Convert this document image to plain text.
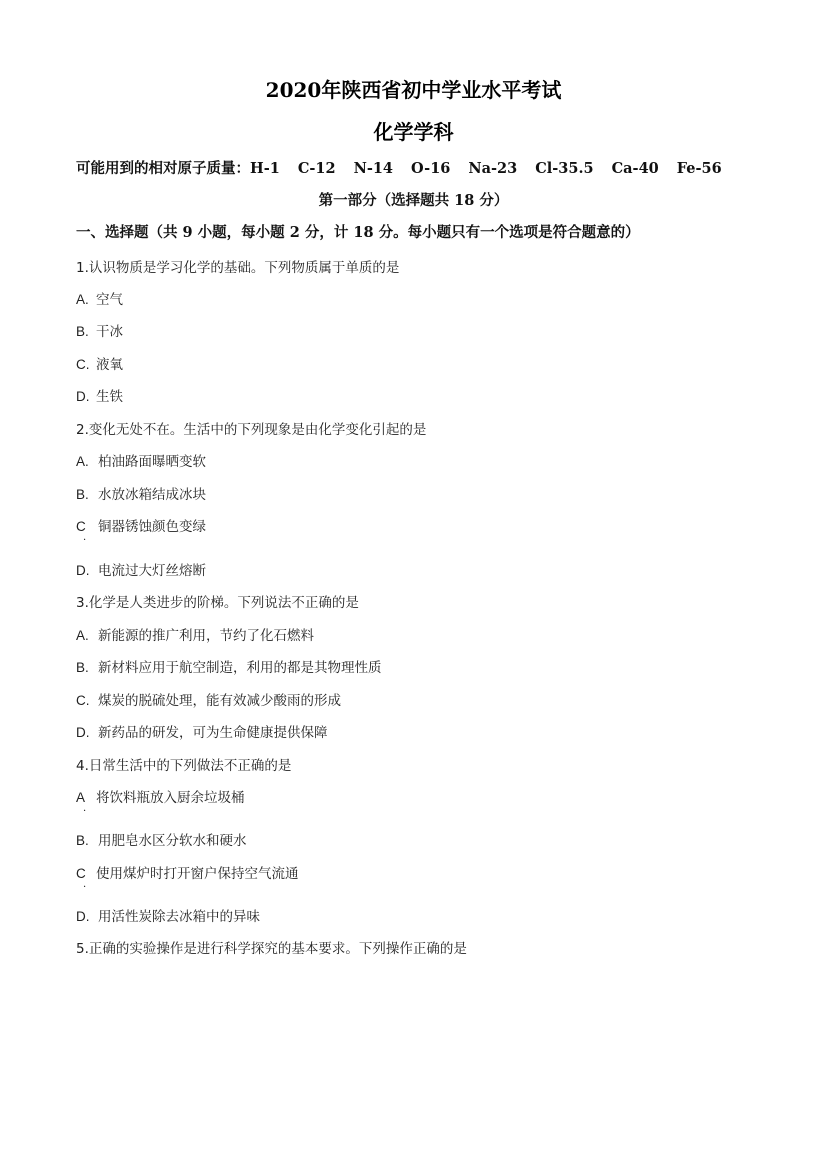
2020年陕西省初中学业水平考试
化学学科
可能用到的相对原子质量：H-1 C-12 N-14 O-16 Na-23 Cl-35.5 Ca-40 Fe-56
第一部分（选择题共 18 分）
一、选择题（共 9 小题，每小题 2 分，计 18 分。每小题只有一个选项是符合题意的）
1.认识物质是学习化学的基础。下列物质属于单质的是
A. 空气
B. 干冰
C. 液氧
D. 生铁
2.变化无处不在。生活中的下列现象是由化学变化引起的是
A. 柏油路面曝晒变软
B. 水放冰箱结成冰块
C 铜器锈蚀颜色变绿
.
D. 电流过大灯丝熔断
3.化学是人类进步的阶梯。下列说法不正确的是
A. 新能源的推广利用，节约了化石燃料
B. 新材料应用于航空制造，利用的都是其物理性质
C. 煤炭的脱硫处理，能有效减少酸雨的形成
D. 新药品的研发，可为生命健康提供保障
4.日常生活中的下列做法不正确的是
A 将饮料瓶放入厨余垃圾桶
.
B. 用肥皂水区分软水和硬水
C 使用煤炉时打开窗户保持空气流通
.
D. 用活性炭除去冰箱中的异味
5.正确的实验操作是进行科学探究的基本要求。下列操作正确的是
